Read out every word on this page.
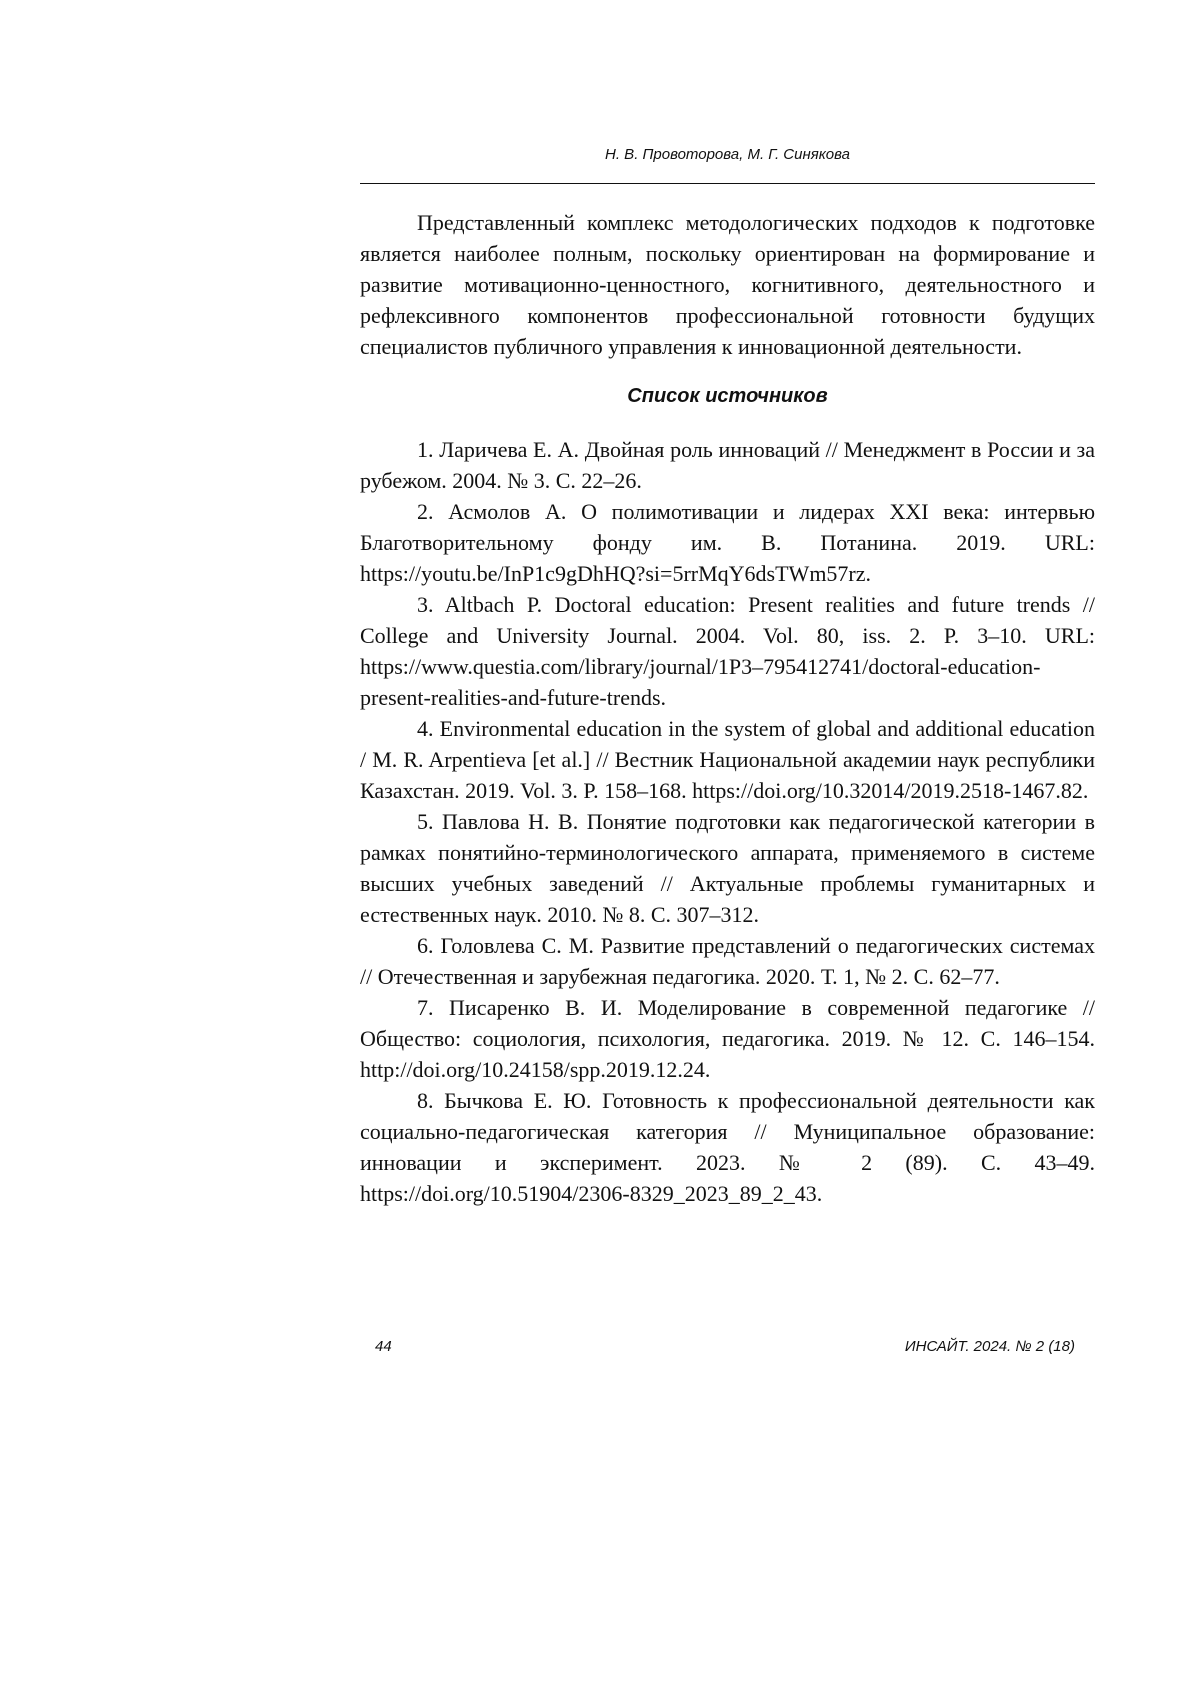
Н. В. Провоторова, М. Г. Синякова

Представленный комплекс методологических подходов к подготовке является наиболее полным, поскольку ориентирован на формирование и развитие мотивационно-ценностного, когнитивного, деятельностного и рефлексивного компонентов профессиональной готовности будущих специалистов публичного управления к инновационной деятельности.

Список источников
1. Ларичева Е. А. Двойная роль инноваций // Менеджмент в России и за рубежом. 2004. № 3. С. 22–26.
2. Асмолов А. О полимотивации и лидерах XXI века: интервью Благотворительному фонду им. В. Потанина. 2019. URL: https://youtu.be/InP1c9gDhHQ?si=5rrMqY6dsTWm57rz.
3. Altbach P. Doctoral education: Present realities and future trends // College and University Journal. 2004. Vol. 80, iss. 2. P. 3–10. URL: https://www.questia.com/library/journal/1P3–795412741/doctoral-education-present-realities-and-future-trends.
4. Environmental education in the system of global and additional education / M. R. Arpentieva [et al.] // Вестник Национальной академии наук республики Казахстан. 2019. Vol. 3. P. 158–168. https://doi.org/10.32014/2019.2518-1467.82.
5. Павлова Н. В. Понятие подготовки как педагогической категории в рамках понятийно-терминологического аппарата, применяемого в системе высших учебных заведений // Актуальные проблемы гуманитарных и естественных наук. 2010. № 8. С. 307–312.
6. Головлева С. М. Развитие представлений о педагогических системах // Отечественная и зарубежная педагогика. 2020. Т. 1, № 2. С. 62–77.
7. Писаренко В. И. Моделирование в современной педагогике // Общество: социология, психология, педагогика. 2019. № 12. С. 146–154. http://doi.org/10.24158/spp.2019.12.24.
8. Бычкова Е. Ю. Готовность к профессиональной деятельности как социально-педагогическая категория // Муниципальное образование: инновации и эксперимент. 2023. № 2 (89). С. 43–49. https://doi.org/10.51904/2306-8329_2023_89_2_43.
44	ИНСАЙТ. 2024. № 2 (18)
